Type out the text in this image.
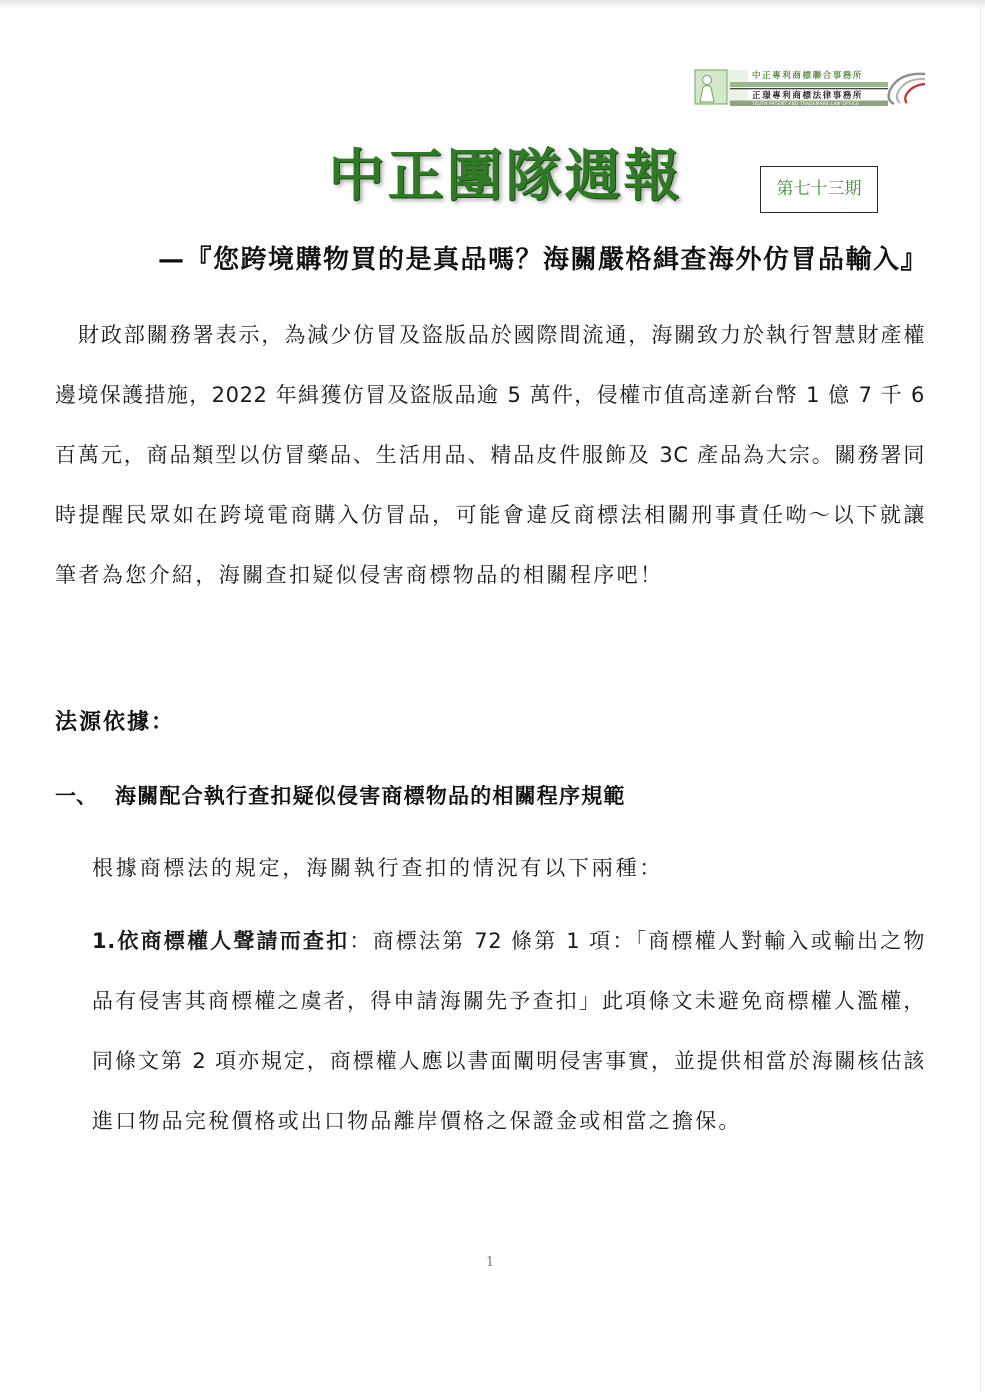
中正專利商標聯合事務所
正璟專利商標法律事務所
TRUTH PATENT AND TRADEMARK LAW OFFICE
中正團隊週報	第七十三期
—『您跨境購物買的是真品嗎？海關嚴格緝查海外仿冒品輸入』
財政部關務署表示，為減少仿冒及盜版品於國際間流通，海關致力於執行智慧財產權
邊境保護措施，2022 年緝獲仿冒及盜版品逾 5 萬件，侵權市值高達新台幣 1 億 7 千 6
百萬元，商品類型以仿冒藥品、生活用品、精品皮件服飾及 3C 產品為大宗。關務署同
時提醒民眾如在跨境電商購入仿冒品，可能會違反商標法相關刑事責任呦～以下就讓
筆者為您介紹，海關查扣疑似侵害商標物品的相關程序吧！
法源依據：
一、 海關配合執行查扣疑似侵害商標物品的相關程序規範
根據商標法的規定，海關執行查扣的情況有以下兩種：
1.依商標權人聲請而查扣：商標法第 72 條第 1 項：「商標權人對輸入或輸出之物
品有侵害其商標權之虞者，得申請海關先予查扣」此項條文未避免商標權人濫權，
同條文第 2 項亦規定，商標權人應以書面闡明侵害事實，並提供相當於海關核估該
進口物品完稅價格或出口物品離岸價格之保證金或相當之擔保。
1
